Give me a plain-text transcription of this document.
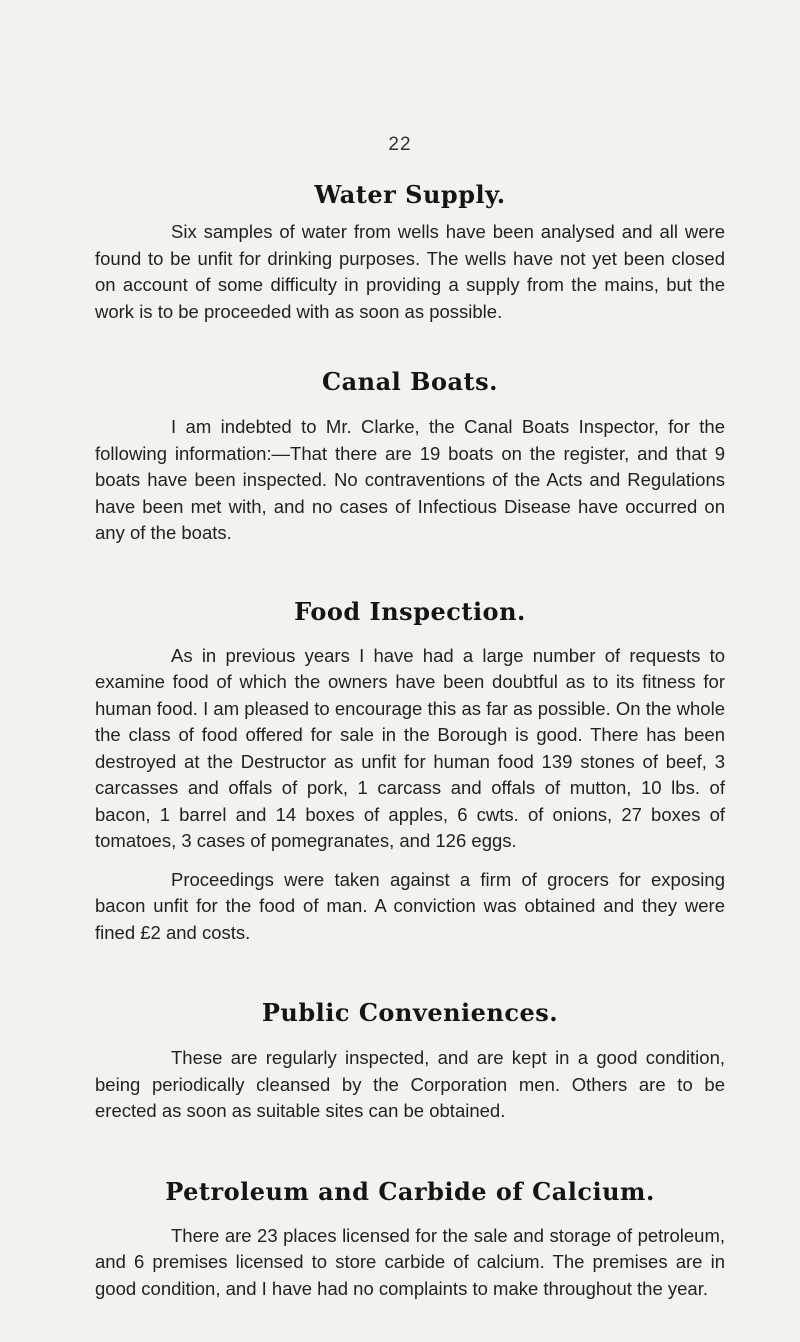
22
Water Supply.

Six samples of water from wells have been analysed and all were found to be unfit for drinking purposes. The wells have not yet been closed on account of some difficulty in providing a supply from the mains, but the work is to be proceeded with as soon as possible.

Canal Boats.

I am indebted to Mr. Clarke, the Canal Boats Inspector, for the following information:—That there are 19 boats on the register, and that 9 boats have been inspected. No contraventions of the Acts and Regulations have been met with, and no cases of Infectious Disease have occurred on any of the boats.

Food Inspection.

As in previous years I have had a large number of requests to examine food of which the owners have been doubtful as to its fitness for human food. I am pleased to encourage this as far as possible. On the whole the class of food offered for sale in the Borough is good. There has been destroyed at the Destructor as unfit for human food 139 stones of beef, 3 carcasses and offals of pork, 1 carcass and offals of mutton, 10 lbs. of bacon, 1 barrel and 14 boxes of apples, 6 cwts. of onions, 27 boxes of tomatoes, 3 cases of pomegranates, and 126 eggs.

Proceedings were taken against a firm of grocers for exposing bacon unfit for the food of man. A conviction was obtained and they were fined £2 and costs.

Public Conveniences.

These are regularly inspected, and are kept in a good condition, being periodically cleansed by the Corporation men. Others are to be erected as soon as suitable sites can be obtained.

Petroleum and Carbide of Calcium.

There are 23 places licensed for the sale and storage of petroleum, and 6 premises licensed to store carbide of calcium. The premises are in good condition, and I have had no complaints to make throughout the year.
